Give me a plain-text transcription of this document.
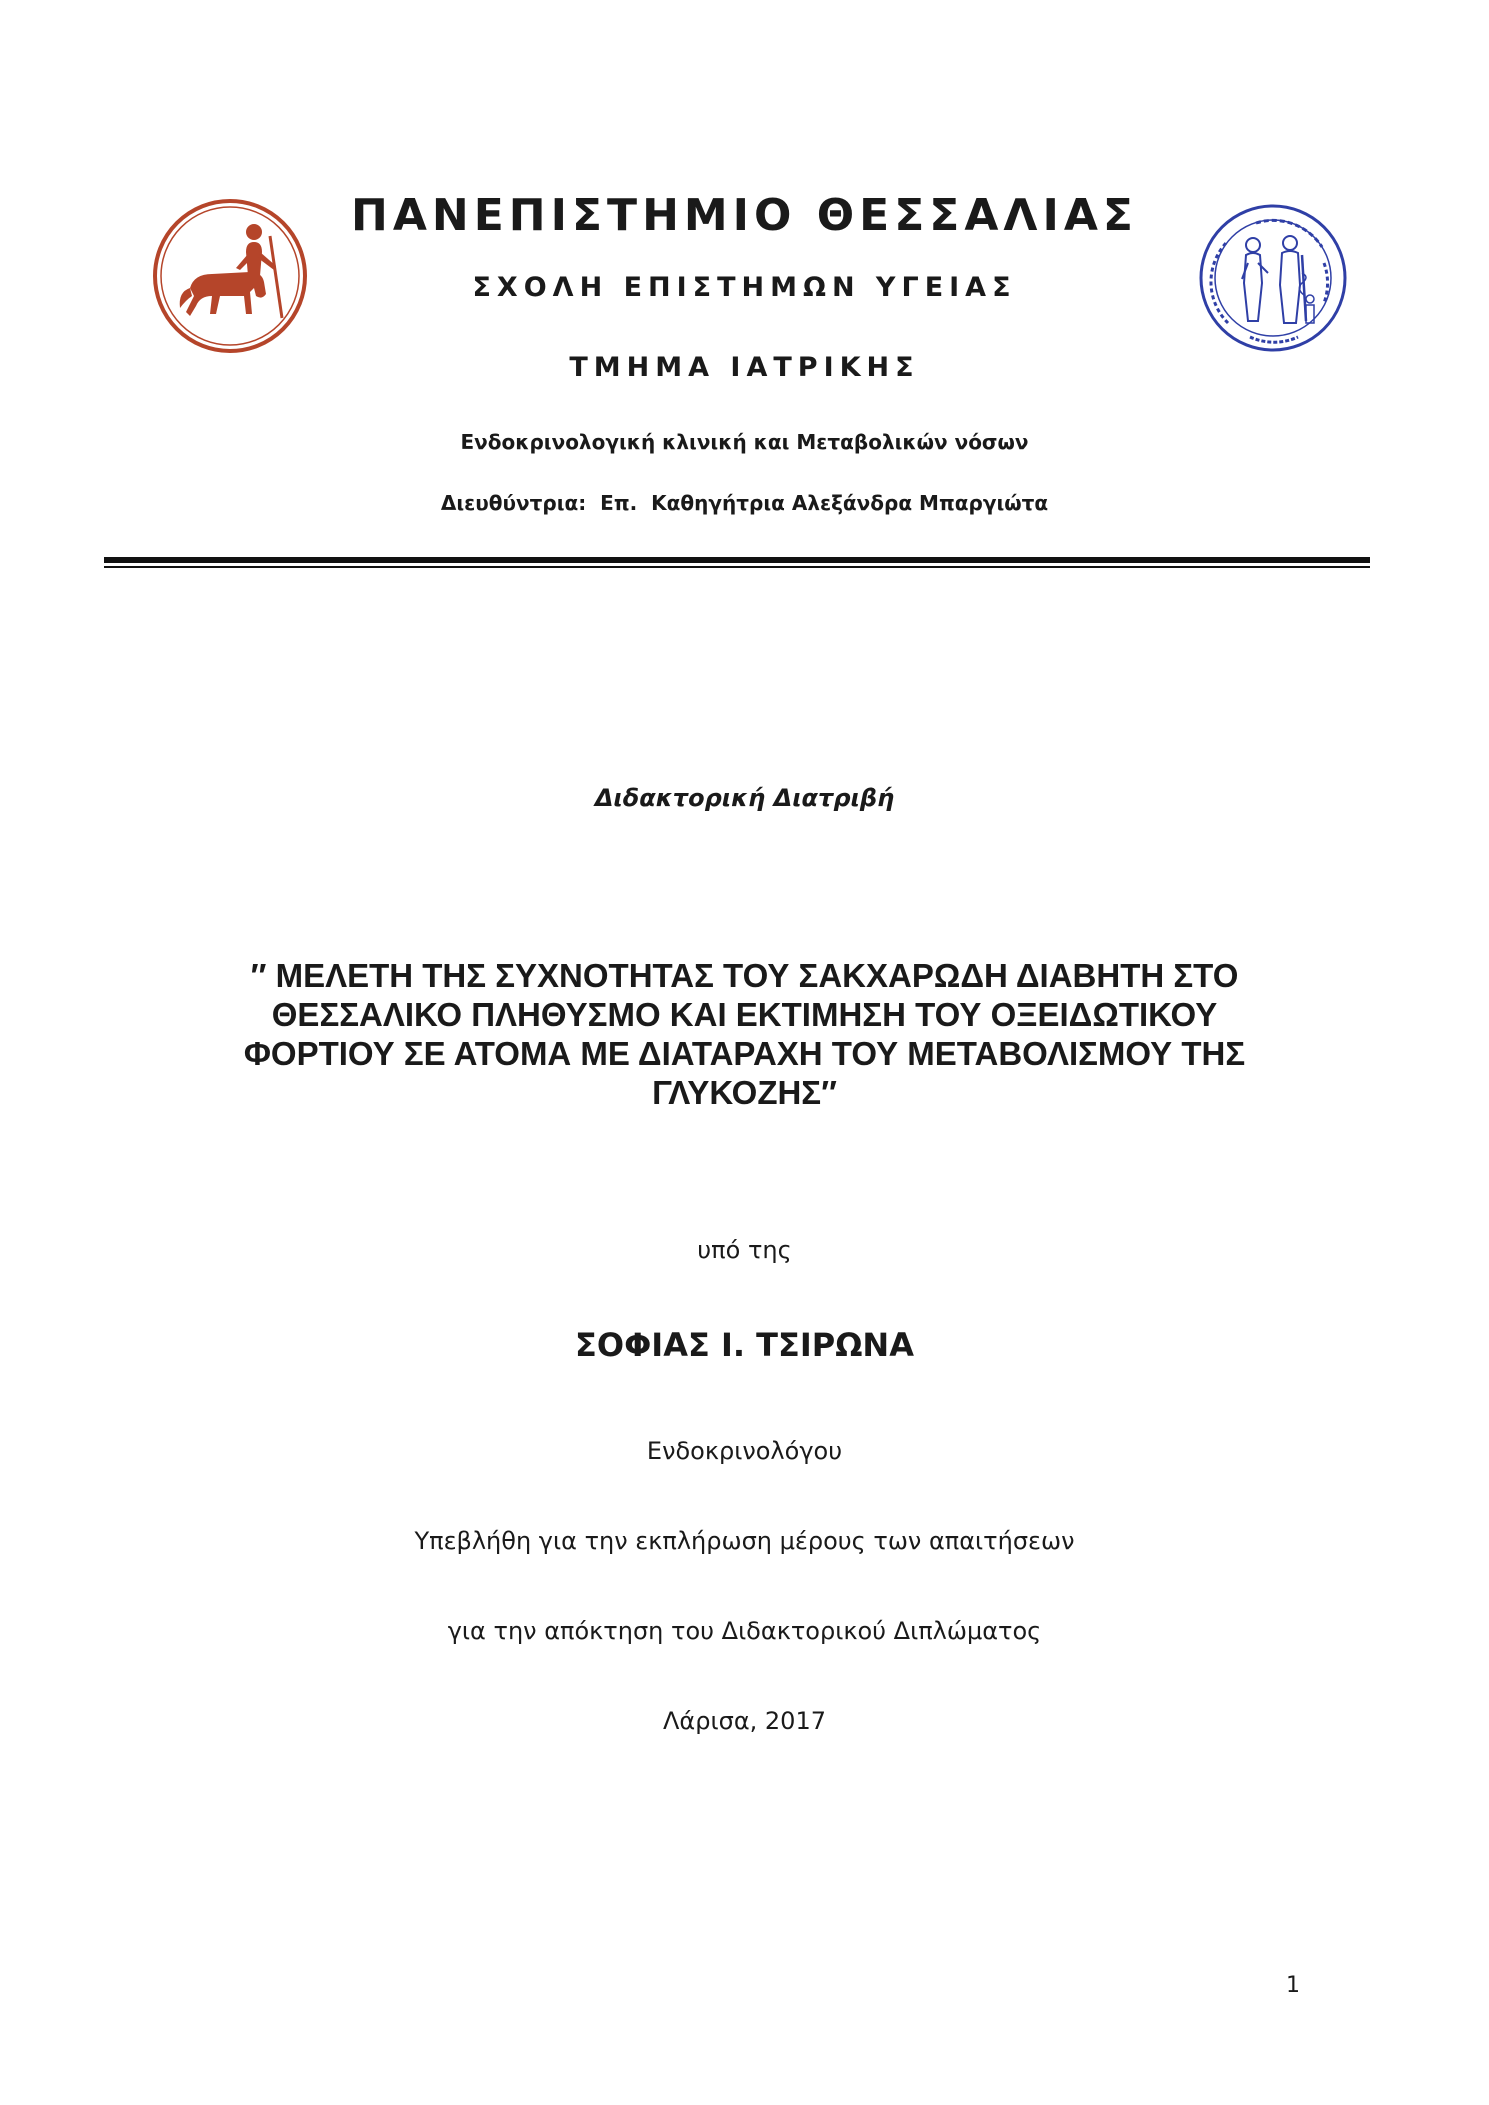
ΠΑΝΕΠΙΣΤΗΜΙΟ ΘΕΣΣΑΛΙΑΣ
ΣΧΟΛΗ ΕΠΙΣΤΗΜΩΝ ΥΓΕΙΑΣ
ΤΜΗΜΑ ΙΑΤΡΙΚΗΣ
Ενδοκρινολογική κλινική και Μεταβολικών νόσων
Διευθύντρια:  Επ.  Καθηγήτρια Αλεξάνδρα Μπαργιώτα
Διδακτορική Διατριβή
″ ΜΕΛΕΤΗ ΤΗΣ ΣΥΧΝΟΤΗΤΑΣ ΤΟΥ ΣΑΚΧΑΡΩΔΗ ΔΙΑΒΗΤΗ ΣΤΟ
ΘΕΣΣΑΛΙΚΟ ΠΛΗΘΥΣΜΟ ΚΑΙ ΕΚΤΙΜΗΣΗ ΤΟΥ ΟΞΕΙΔΩΤΙΚΟΥ
ΦΟΡΤΙΟΥ ΣΕ ΑΤΟΜΑ ΜΕ ΔΙΑΤΑΡΑΧΗ ΤΟΥ ΜΕΤΑΒΟΛΙΣΜΟΥ ΤΗΣ
ΓΛΥΚΟΖΗΣ″
υπό της
ΣΟΦΙΑΣ Ι. ΤΣΙΡΩΝΑ
Ενδοκρινολόγου
Υπεβλήθη για την εκπλήρωση μέρους των απαιτήσεων
για την απόκτηση του Διδακτορικού Διπλώματος
Λάρισα, 2017
1
